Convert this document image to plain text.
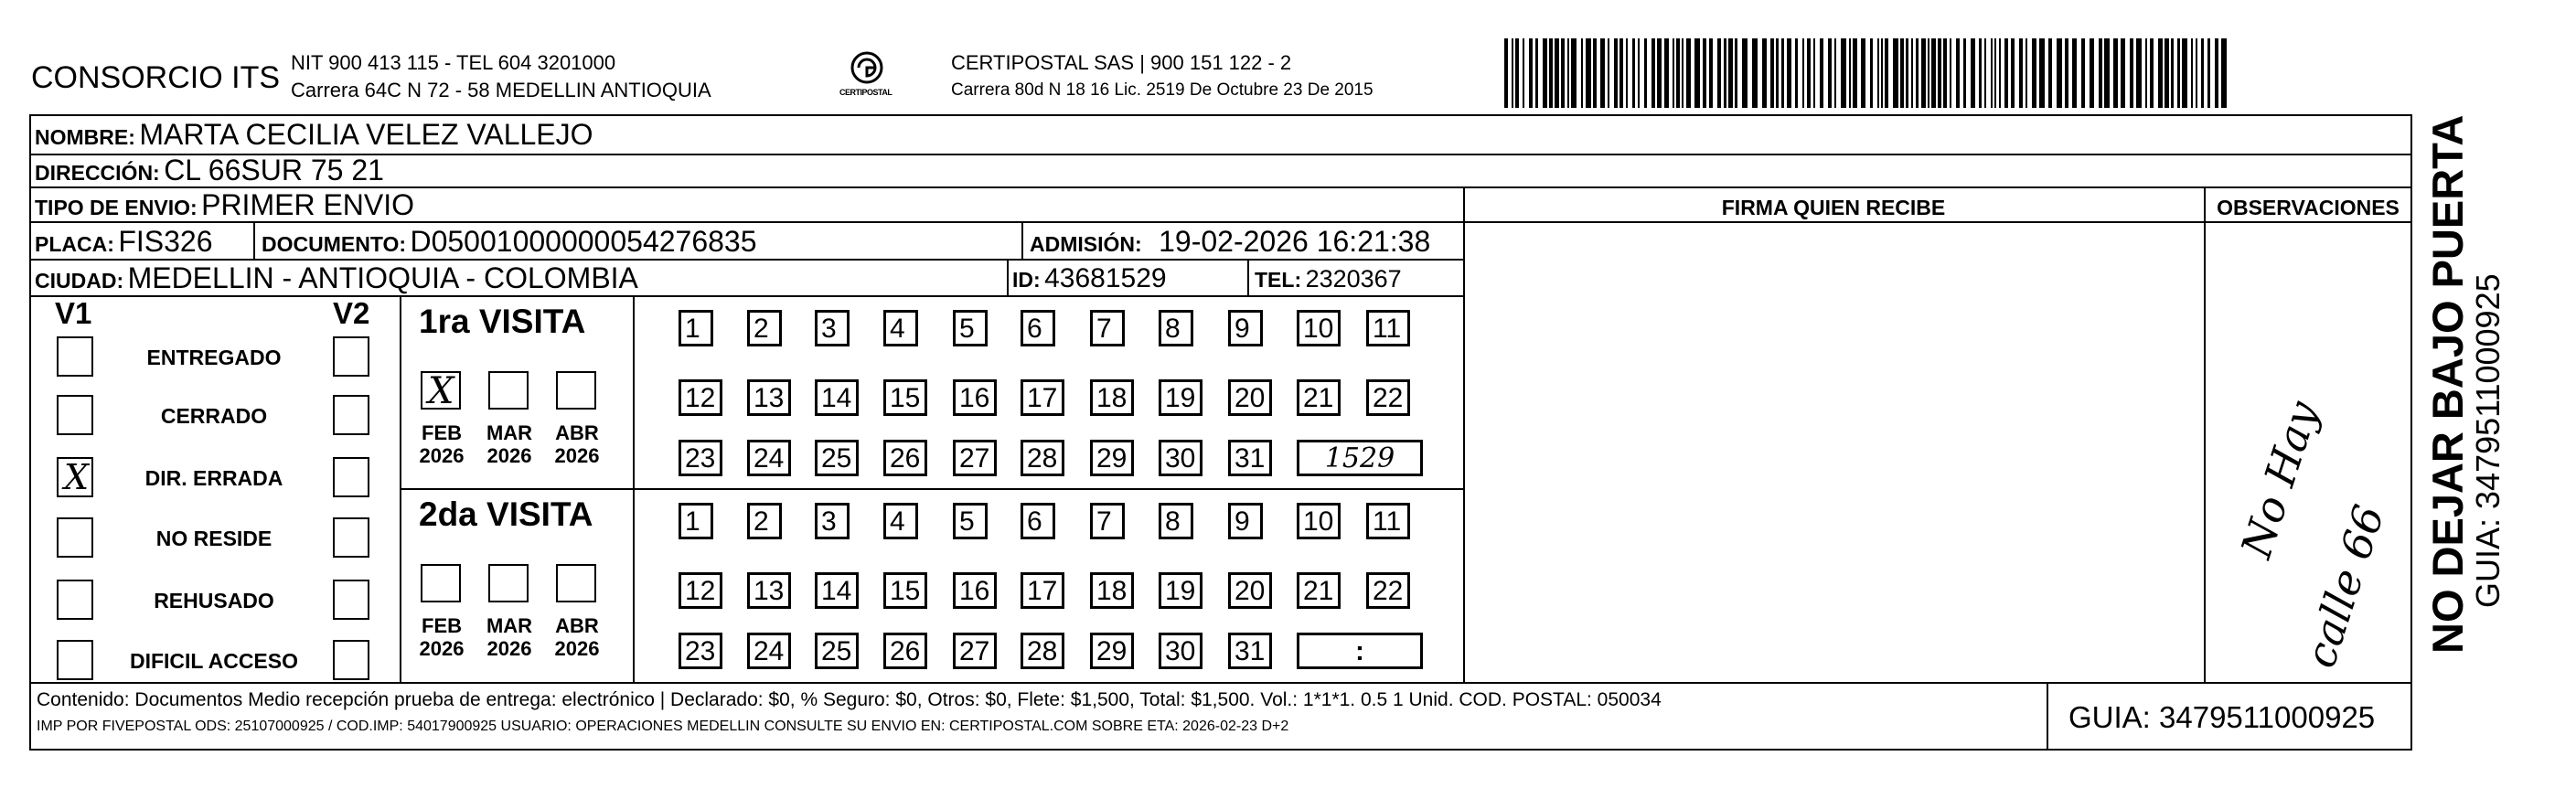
CONSORCIO ITS NIT 900 413 115 - TEL 604 3201000
Carrera 64C N 72 - 58 MEDELLIN ANTIOQUIA	CERTIPOSTAL
CERTIPOSTAL SAS | 900 151 122 - 2
Carrera 80d N 18 16 Lic. 2519 De Octubre 23 De 2015
NOMBRE: MARTA CECILIA VELEZ VALLEJO
DIRECCIÓN: CL 66SUR 75 21
TIPO DE ENVIO: PRIMER ENVIO
PLACA: FIS326 DOCUMENTO: D05001000000054276835	ADMISIÓN: 19-02-2026 16:21:38
CIUDAD: MEDELLIN - ANTIOQUIA - COLOMBIA	ID: 43681529	TEL: 2320367
FIRMA QUIEN RECIBE	OBSERVACIONES
No Hay
calle 66
V1	V2
ENTREGADO
CERRADO
X	DIR. ERRADA
NO RESIDE
REHUSADO
DIFICIL ACCESO
1ra VISITA
X
FEB
2026
MAR
2026
ABR
2026
1	2	3	4	5	6	7	8	9	10 11
12 13 14 15 16 17 18 19 20 21 22
23 24 25 26 27 28 29 30 31	1529
2da VISITA
FEB
2026
MAR
2026
ABR
2026
1	2	3	4	5	6	7	8	9	10 11
12 13 14 15 16 17 18 19 20 21 22
23 24 25 26 27 28 29 30 31	:
Contenido: Documentos Medio recepción prueba de entrega: electrónico | Declarado: $0, % Seguro: $0, Otros: $0, Flete: $1,500, Total: $1,500. Vol.: 1*1*1. 0.5 1 Unid. COD. POSTAL: 050034
IMP POR FIVEPOSTAL ODS: 25107000925 / COD.IMP: 54017900925 USUARIO: OPERACIONES MEDELLIN CONSULTE SU ENVIO EN: CERTIPOSTAL.COM SOBRE ETA: 2026-02-23 D+2	GUIA: 3479511000925
NO DEJAR BAJO PUERTA
GUIA: 3479511000925
